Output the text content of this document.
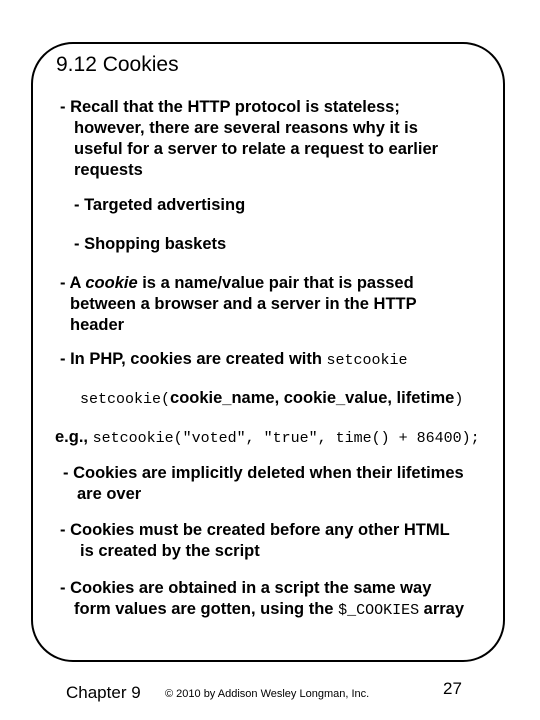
9.12 Cookies

- Recall that the HTTP protocol is stateless;
however, there are several reasons why it is
useful for a server to relate a request to earlier
requests

- Targeted advertising

- Shopping baskets

- A cookie is a name/value pair that is passed
between a browser and a server in the HTTP
header

- In PHP, cookies are created with setcookie

setcookie(cookie_name, cookie_value, lifetime)

e.g., setcookie("voted", "true", time() + 86400);

- Cookies are implicitly deleted when their lifetimes
are over

- Cookies must be created before any other HTML
is created by the script

- Cookies are obtained in a script the same way
form values are gotten, using the $_COOKIES array

Chapter 9 © 2010 by Addison Wesley Longman, Inc.	27
